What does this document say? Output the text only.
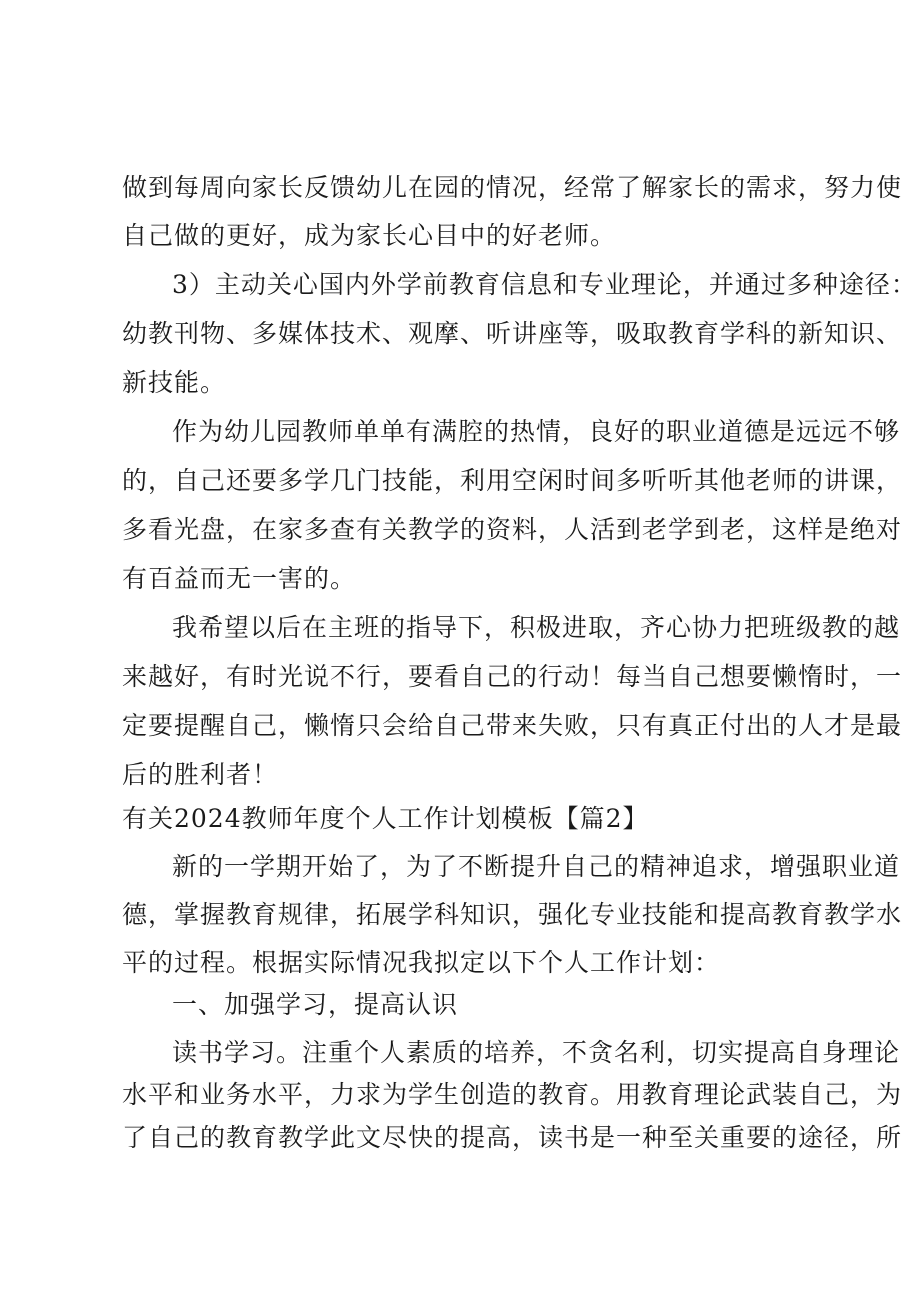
做到每周向家长反馈幼儿在园的情况，经常了解家长的需求，努力使
自己做的更好，成为家长心目中的好老师。
3）主动关心国内外学前教育信息和专业理论，并通过多种途径：
幼教刊物、多媒体技术、观摩、听讲座等，吸取教育学科的新知识、
新技能。
作为幼儿园教师单单有满腔的热情，良好的职业道德是远远不够
的，自己还要多学几门技能，利用空闲时间多听听其他老师的讲课，
多看光盘，在家多查有关教学的资料，人活到老学到老，这样是绝对
有百益而无一害的。
我希望以后在主班的指导下，积极进取，齐心协力把班级教的越
来越好，有时光说不行，要看自己的行动！每当自己想要懒惰时，一
定要提醒自己，懒惰只会给自己带来失败，只有真正付出的人才是最
后的胜利者！
有关2024教师年度个人工作计划模板【篇2】
新的一学期开始了，为了不断提升自己的精神追求，增强职业道
德，掌握教育规律，拓展学科知识，强化专业技能和提高教育教学水
平的过程。根据实际情况我拟定以下个人工作计划：
一、加强学习，提高认识
读书学习。注重个人素质的培养，不贪名利，切实提高自身理论
水平和业务水平，力求为学生创造的教育。用教育理论武装自己，为
了自己的教育教学此文尽快的提高，读书是一种至关重要的途径，所
